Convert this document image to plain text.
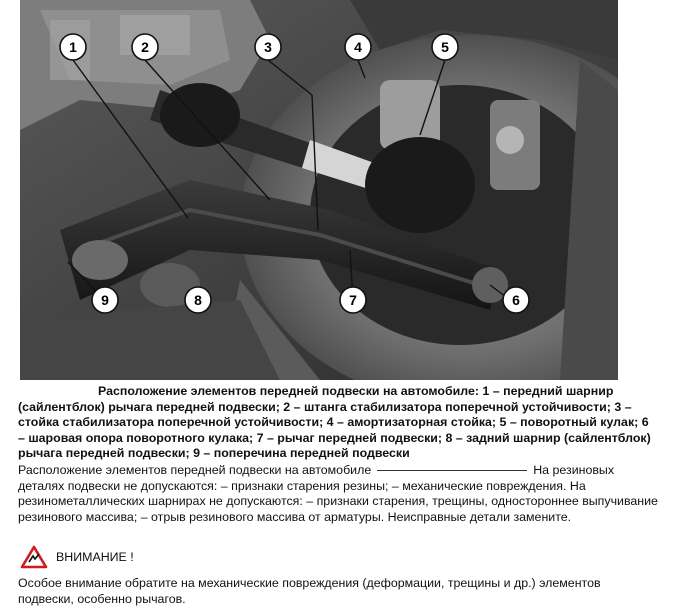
1	2	3	4	5
6
7
8
9

Расположение элементов передней подвески на автомобиле: 1 – передний шарнир (сайлентблок) рычага передней подвески; 2 – штанга стабилизатора поперечной устойчивости; 3 – стойка стабилизатора поперечной устойчивости; 4 – амортизаторная стойка; 5 – поворотный кулак; 6 – шаровая опора поворотного кулака; 7 – рычаг передней подвески; 8 – задний шарнир (сайлентблок) рычага передней подвески; 9 – поперечина передней подвески

Расположение элементов передней подвески на автомобиле	На резиновых деталях подвески не допускаются: – признаки старения резины; – механические повреждения. На резинометаллических шарнирах не допускаются: – признаки старения, трещины, одностороннее выпучивание резинового массива; – отрыв резинового массива от арматуры. Неисправные детали замените.

ВНИМАНИЕ !

Особое внимание обратите на механические повреждения (деформации, трещины и др.) элементов подвески, особенно рычагов.
